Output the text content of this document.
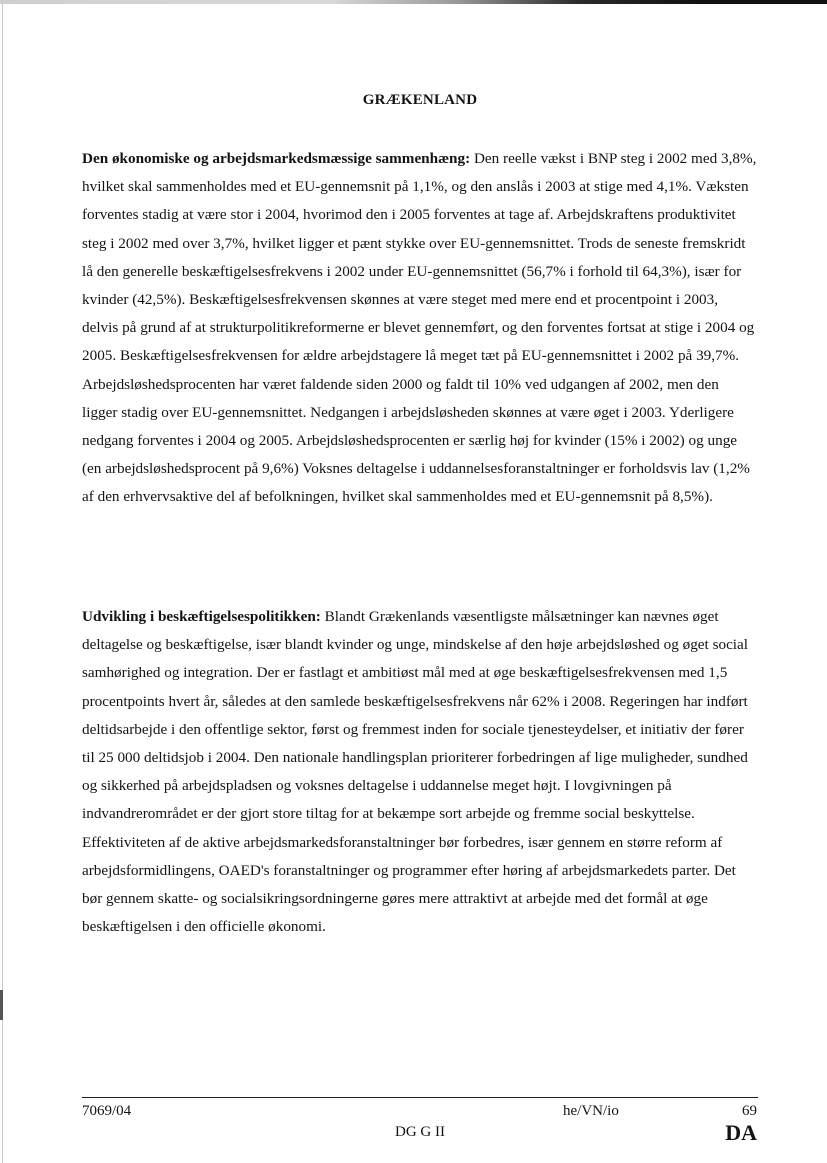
GRÆKENLAND
Den økonomiske og arbejdsmarkedsmæssige sammenhæng: Den reelle vækst i BNP steg i 2002 med 3,8%, hvilket skal sammenholdes med et EU-gennemsnit på 1,1%, og den anslås i 2003 at stige med 4,1%. Væksten forventes stadig at være stor i 2004, hvorimod den i 2005 forventes at tage af. Arbejdskraftens produktivitet steg i 2002 med over 3,7%, hvilket ligger et pænt stykke over EU-gennemsnittet. Trods de seneste fremskridt lå den generelle beskæftigelsesfrekvens i 2002 under EU-gennemsnittet (56,7% i forhold til 64,3%), især for kvinder (42,5%). Beskæftigelsesfrekvensen skønnes at være steget med mere end et procentpoint i 2003, delvis på grund af at strukturpolitikreformerne er blevet gennemført, og den forventes fortsat at stige i 2004 og 2005. Beskæftigelsesfrekvensen for ældre arbejdstagere lå meget tæt på EU-gennemsnittet i 2002 på 39,7%. Arbejdsløshedsprocenten har været faldende siden 2000 og faldt til 10% ved udgangen af 2002, men den ligger stadig over EU-gennemsnittet. Nedgangen i arbejdsløsheden skønnes at være øget i 2003. Yderligere nedgang forventes i 2004 og 2005. Arbejdsløshedsprocenten er særlig høj for kvinder (15% i 2002) og unge (en arbejdsløshedsprocent på 9,6%) Voksnes deltagelse i uddannelsesforanstaltninger er forholdsvis lav (1,2% af den erhvervsaktive del af befolkningen, hvilket skal sammenholdes med et EU-gennemsnit på 8,5%).
Udvikling i beskæftigelsespolitikken: Blandt Grækenlands væsentligste målsætninger kan nævnes øget deltagelse og beskæftigelse, især blandt kvinder og unge, mindskelse af den høje arbejdsløshed og øget social samhørighed og integration. Der er fastlagt et ambitiøst mål med at øge beskæftigelsesfrekvensen med 1,5 procentpoints hvert år, således at den samlede beskæftigelsesfrekvens når 62% i 2008. Regeringen har indført deltidsarbejde i den offentlige sektor, først og fremmest inden for sociale tjenesteydelser, et initiativ der fører til 25 000 deltidsjob i 2004. Den nationale handlingsplan prioriterer forbedringen af lige muligheder, sundhed og sikkerhed på arbejdspladsen og voksnes deltagelse i uddannelse meget højt. I lovgivningen på indvandrerområdet er der gjort store tiltag for at bekæmpe sort arbejde og fremme social beskyttelse. Effektiviteten af de aktive arbejdsmarkedsforanstaltninger bør forbedres, især gennem en større reform af arbejdsformidlingens, OAED's foranstaltninger og programmer efter høring af arbejdsmarkedets parter. Det bør gennem skatte- og socialsikringsordningerne gøres mere attraktivt at arbejde med det formål at øge beskæftigelsen i den officielle økonomi.
7069/04
DG G II
he/VN/io	69
DA
